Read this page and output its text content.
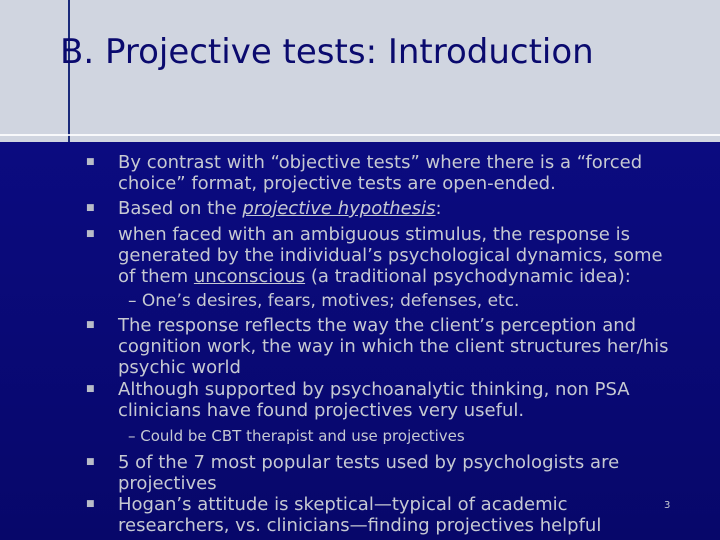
B. Projective tests: Introduction
■ By contrast with “objective tests” where there is a “forced choice” format, projective tests are open-ended.
■ Based on the projective hypothesis:
■ when faced with an ambiguous stimulus, the response is generated by the individual’s psychological dynamics, some of them unconscious (a traditional psychodynamic idea):
– One’s desires, fears, motives; defenses, etc.
■ The response reflects the way the client’s perception and cognition work, the way in which the client structures her/his psychic world
■ Although supported by psychoanalytic thinking, non PSA clinicians have found projectives very useful.
– Could be CBT therapist and use projectives
■ 5 of the 7 most popular tests used by psychologists are projectives
■ Hogan’s attitude is skeptical—typical of academic researchers, vs. clinicians—finding projectives helpful
3
